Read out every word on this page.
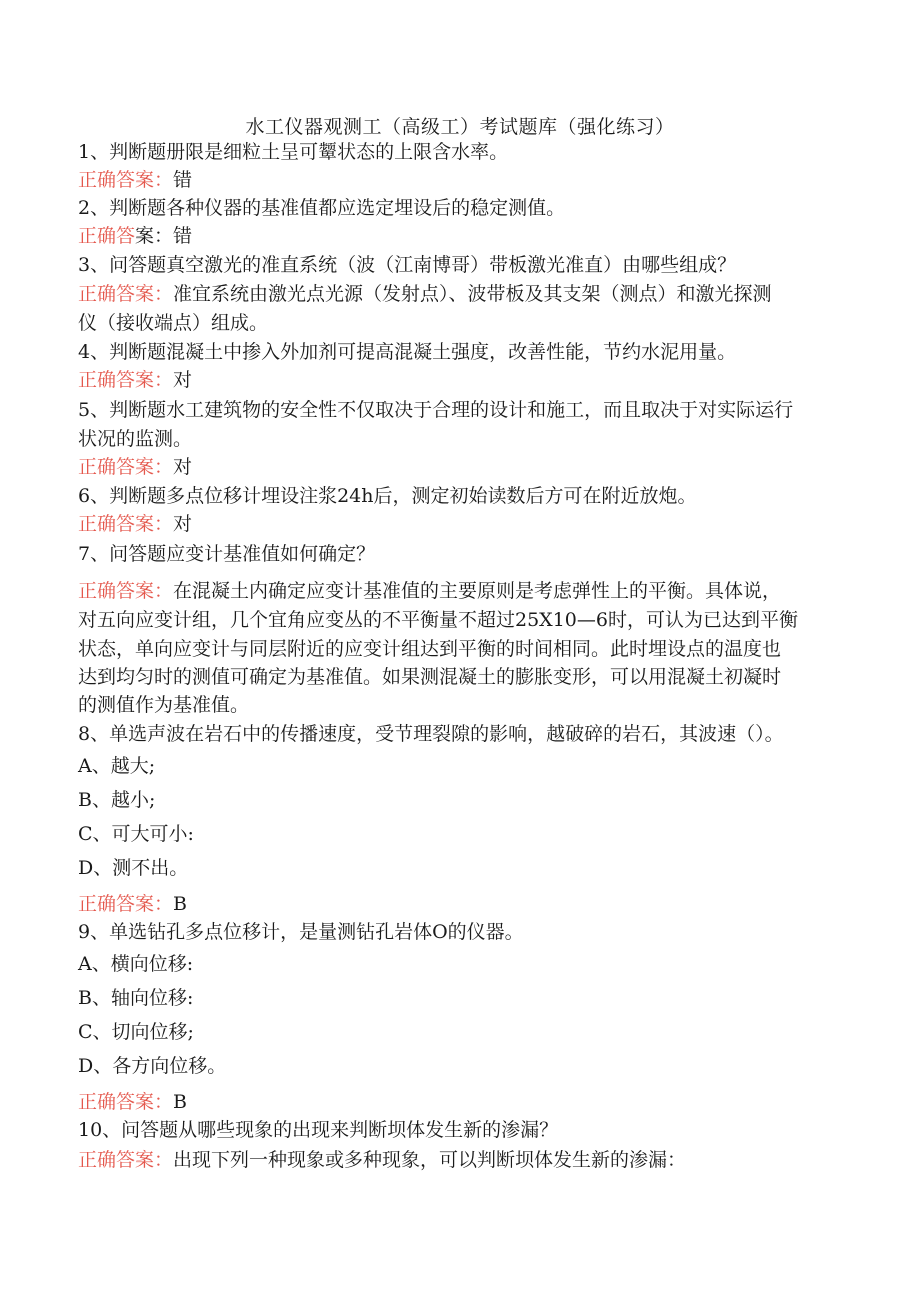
水工仪器观测工（高级工）考试题库（强化练习）
1、判断题册限是细粒土呈可颦状态的上限含水率。
正确答案：错
2、判断题各种仪器的基准值都应选定埋设后的稳定测值。
正确答案：错
3、问答题真空激光的准直系统（波（江南博哥）带板激光准直）由哪些组成？
正确答案：准宜系统由激光点光源（发射点）、波带板及其支架（测点）和激光探测
仪（接收端点）组成。
4、判断题混凝土中掺入外加剂可提高混凝土强度，改善性能，节约水泥用量。
正确答案：对
5、判断题水工建筑物的安全性不仅取决于合理的设计和施工，而且取决于对实际运行
状况的监测。
正确答案：对
6、判断题多点位移计埋设注浆24h后，测定初始读数后方可在附近放炮。
正确答案：对
7、问答题应变计基准值如何确定？
正确答案：在混凝土内确定应变计基准值的主要原则是考虑弹性上的平衡。具体说，
对五向应变计组，几个宜角应变丛的不平衡量不超过25X10—6时，可认为已达到平衡
状态，单向应变计与同层附近的应变计组达到平衡的时间相同。此时埋设点的温度也
达到均匀时的测值可确定为基准值。如果测混凝土的膨胀变形，可以用混凝土初凝时
的测值作为基准值。
8、单选声波在岩石中的传播速度，受节理裂隙的影响，越破碎的岩石，其波速（）。
A、越大;
B、越小;
C、可大可小:
D、测不出。
正确答案：B
9、单选钻孔多点位移计，是量测钻孔岩体O的仪器。
A、横向位移:
B、轴向位移:
C、切向位移;
D、各方向位移。
正确答案：B
10、问答题从哪些现象的出现来判断坝体发生新的渗漏？
正确答案：出现下列一种现象或多种现象，可以判断坝体发生新的渗漏：
